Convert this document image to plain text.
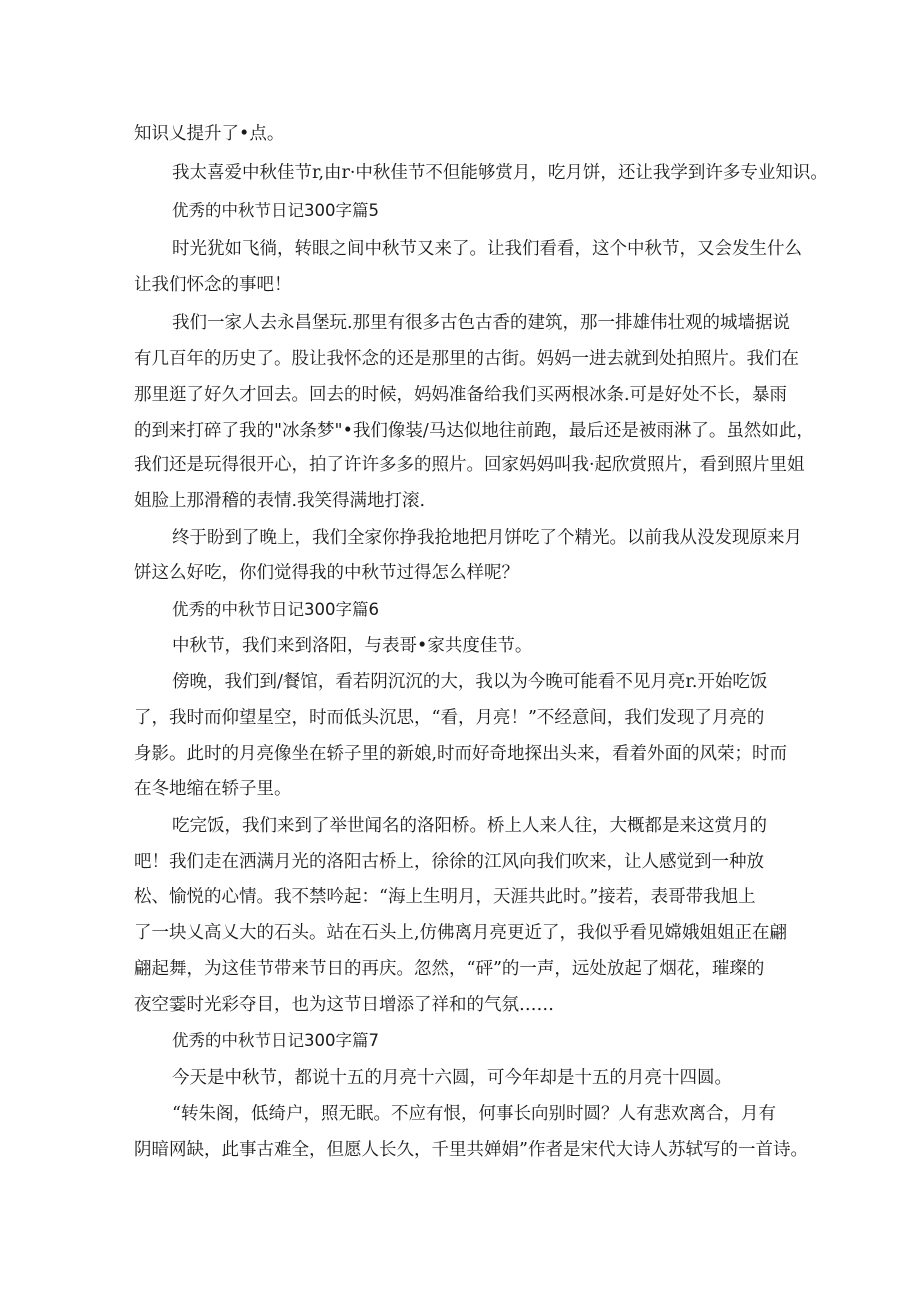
知识乂提升了•点。
我太喜爱中秋佳节r,由r·中秋佳节不但能够赏月，吃月饼，还让我学到许多专业知识。
优秀的中秋节日记300字篇5
时光犹如飞徜，转眼之间中秋节又来了。让我们看看，这个中秋节，又会发生什么
让我们怀念的事吧！
我们一家人去永昌堡玩.那里有很多古色古香的建筑，那一排雄伟壮观的城墙据说
有几百年的历史了。股让我怀念的还是那里的古街。妈妈一进去就到处拍照片。我们在
那里逛了好久才回去。回去的时候，妈妈准备给我们买两根冰条.可是好处不长，暴雨
的到来打碎了我的"冰条梦"•我们像装/马达似地往前跑，最后还是被雨淋了。虽然如此，
我们还是玩得很开心，拍了许许多多的照片。回家妈妈叫我·起欣赏照片，看到照片里姐
姐脸上那滑稽的表情.我笑得满地打滚.
终于盼到了晚上，我们全家你挣我抢地把月饼吃了个精光。以前我从没发现原来月
饼这么好吃，你们觉得我的中秋节过得怎么样呢？
优秀的中秋节日记300字篇6
中秋节，我们来到洛阳，与表哥•家共度佳节。
傍晚，我们到/餐馆，看若阴沉沉的大，我以为今晚可能看不见月亮r.开始吃饭
了，我时而仰望星空，时而低头沉思，“看，月亮！”不经意间，我们发现了月亮的
身影。此时的月亮像坐在轿子里的新娘,时而好奇地探出头来，看着外面的风荣；时而
在冬地缩在轿子里。
吃完饭，我们来到了举世闻名的洛阳桥。桥上人来人往，大概都是来这赏月的
吧！我们走在洒满月光的洛阳古桥上，徐徐的江风向我们吹来，让人感觉到一种放
松、愉悦的心情。我不禁吟起：“海上生明月，天涯共此时。”接若，表哥带我旭上
了一块乂高乂大的石头。站在石头上,仿佛离月亮更近了，我似乎看见嫦娥姐姐正在翩
翩起舞，为这佳节带来节日的再庆。忽然，“砰”的一声，远处放起了烟花，璀璨的
夜空霎时光彩夺目，也为这节日增添了祥和的气氛……
优秀的中秋节日记300字篇7
今天是中秋节，都说十五的月亮十六圆，可今年却是十五的月亮十四圆。
“转朱阁，低绮户，照无眠。不应有恨，何事长向别时圆？人有悲欢离合，月有
阴暗网缺，此事古难全，但愿人长久，千里共婵娟”作者是宋代大诗人苏轼写的一首诗。
